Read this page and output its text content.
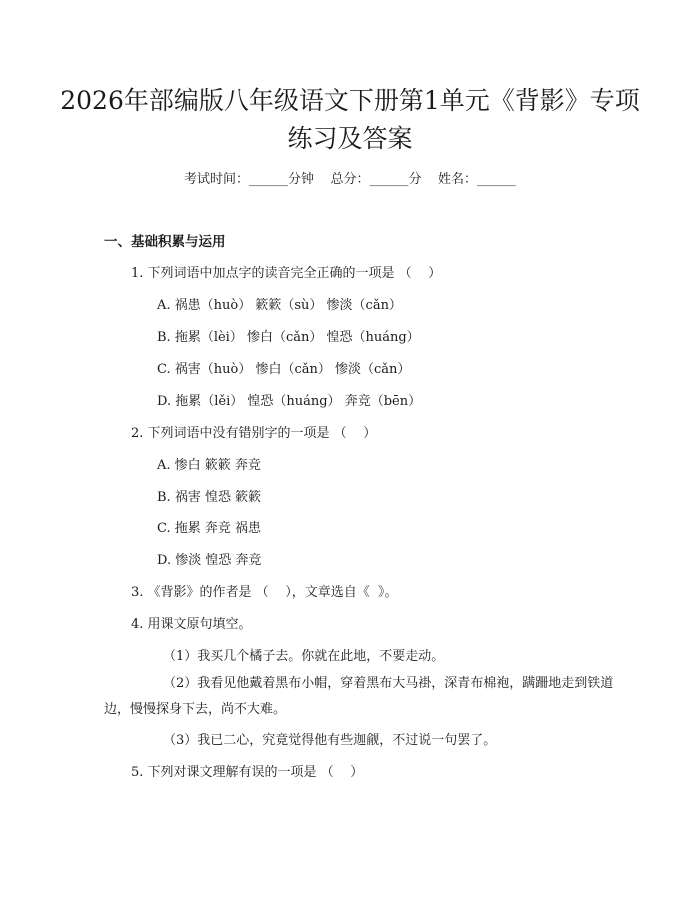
2026年部编版八年级语文下册第1单元《背影》专项练习及答案
考试时间：______分钟    总分：______分    姓名：______
一、基础积累与运用
1. 下列词语中加点字的读音完全正确的一项是 （    ）
A. 祸患（huò） 簌簌（sù） 惨淡（cǎn）
B. 拖累（lèi） 惨白（cǎn） 惶恐（huáng）
C. 祸害（huò） 惨白（cǎn） 惨淡（cǎn）
D. 拖累（lěi） 惶恐（huáng） 奔竞（bēn）
2. 下列词语中没有错别字的一项是 （    ）
A. 惨白 簌簌 奔竞
B. 祸害 惶恐 簌簌
C. 拖累 奔竞 祸患
D. 惨淡 惶恐 奔竞
3. 《背影》的作者是 （    ），文章选自《  》。
4. 用课文原句填空。
（1）我买几个橘子去。你就在此地，不要走动。

（2）我看见他戴着黑布小帽，穿着黑布大马褂，深青布棉袍，蹒跚地走到铁道边，慢慢探身下去，尚不大难。

（3）我已二心，究竟觉得他有些迦觎，不过说一句罢了。
5. 下列对课文理解有误的一项是 （    ）
